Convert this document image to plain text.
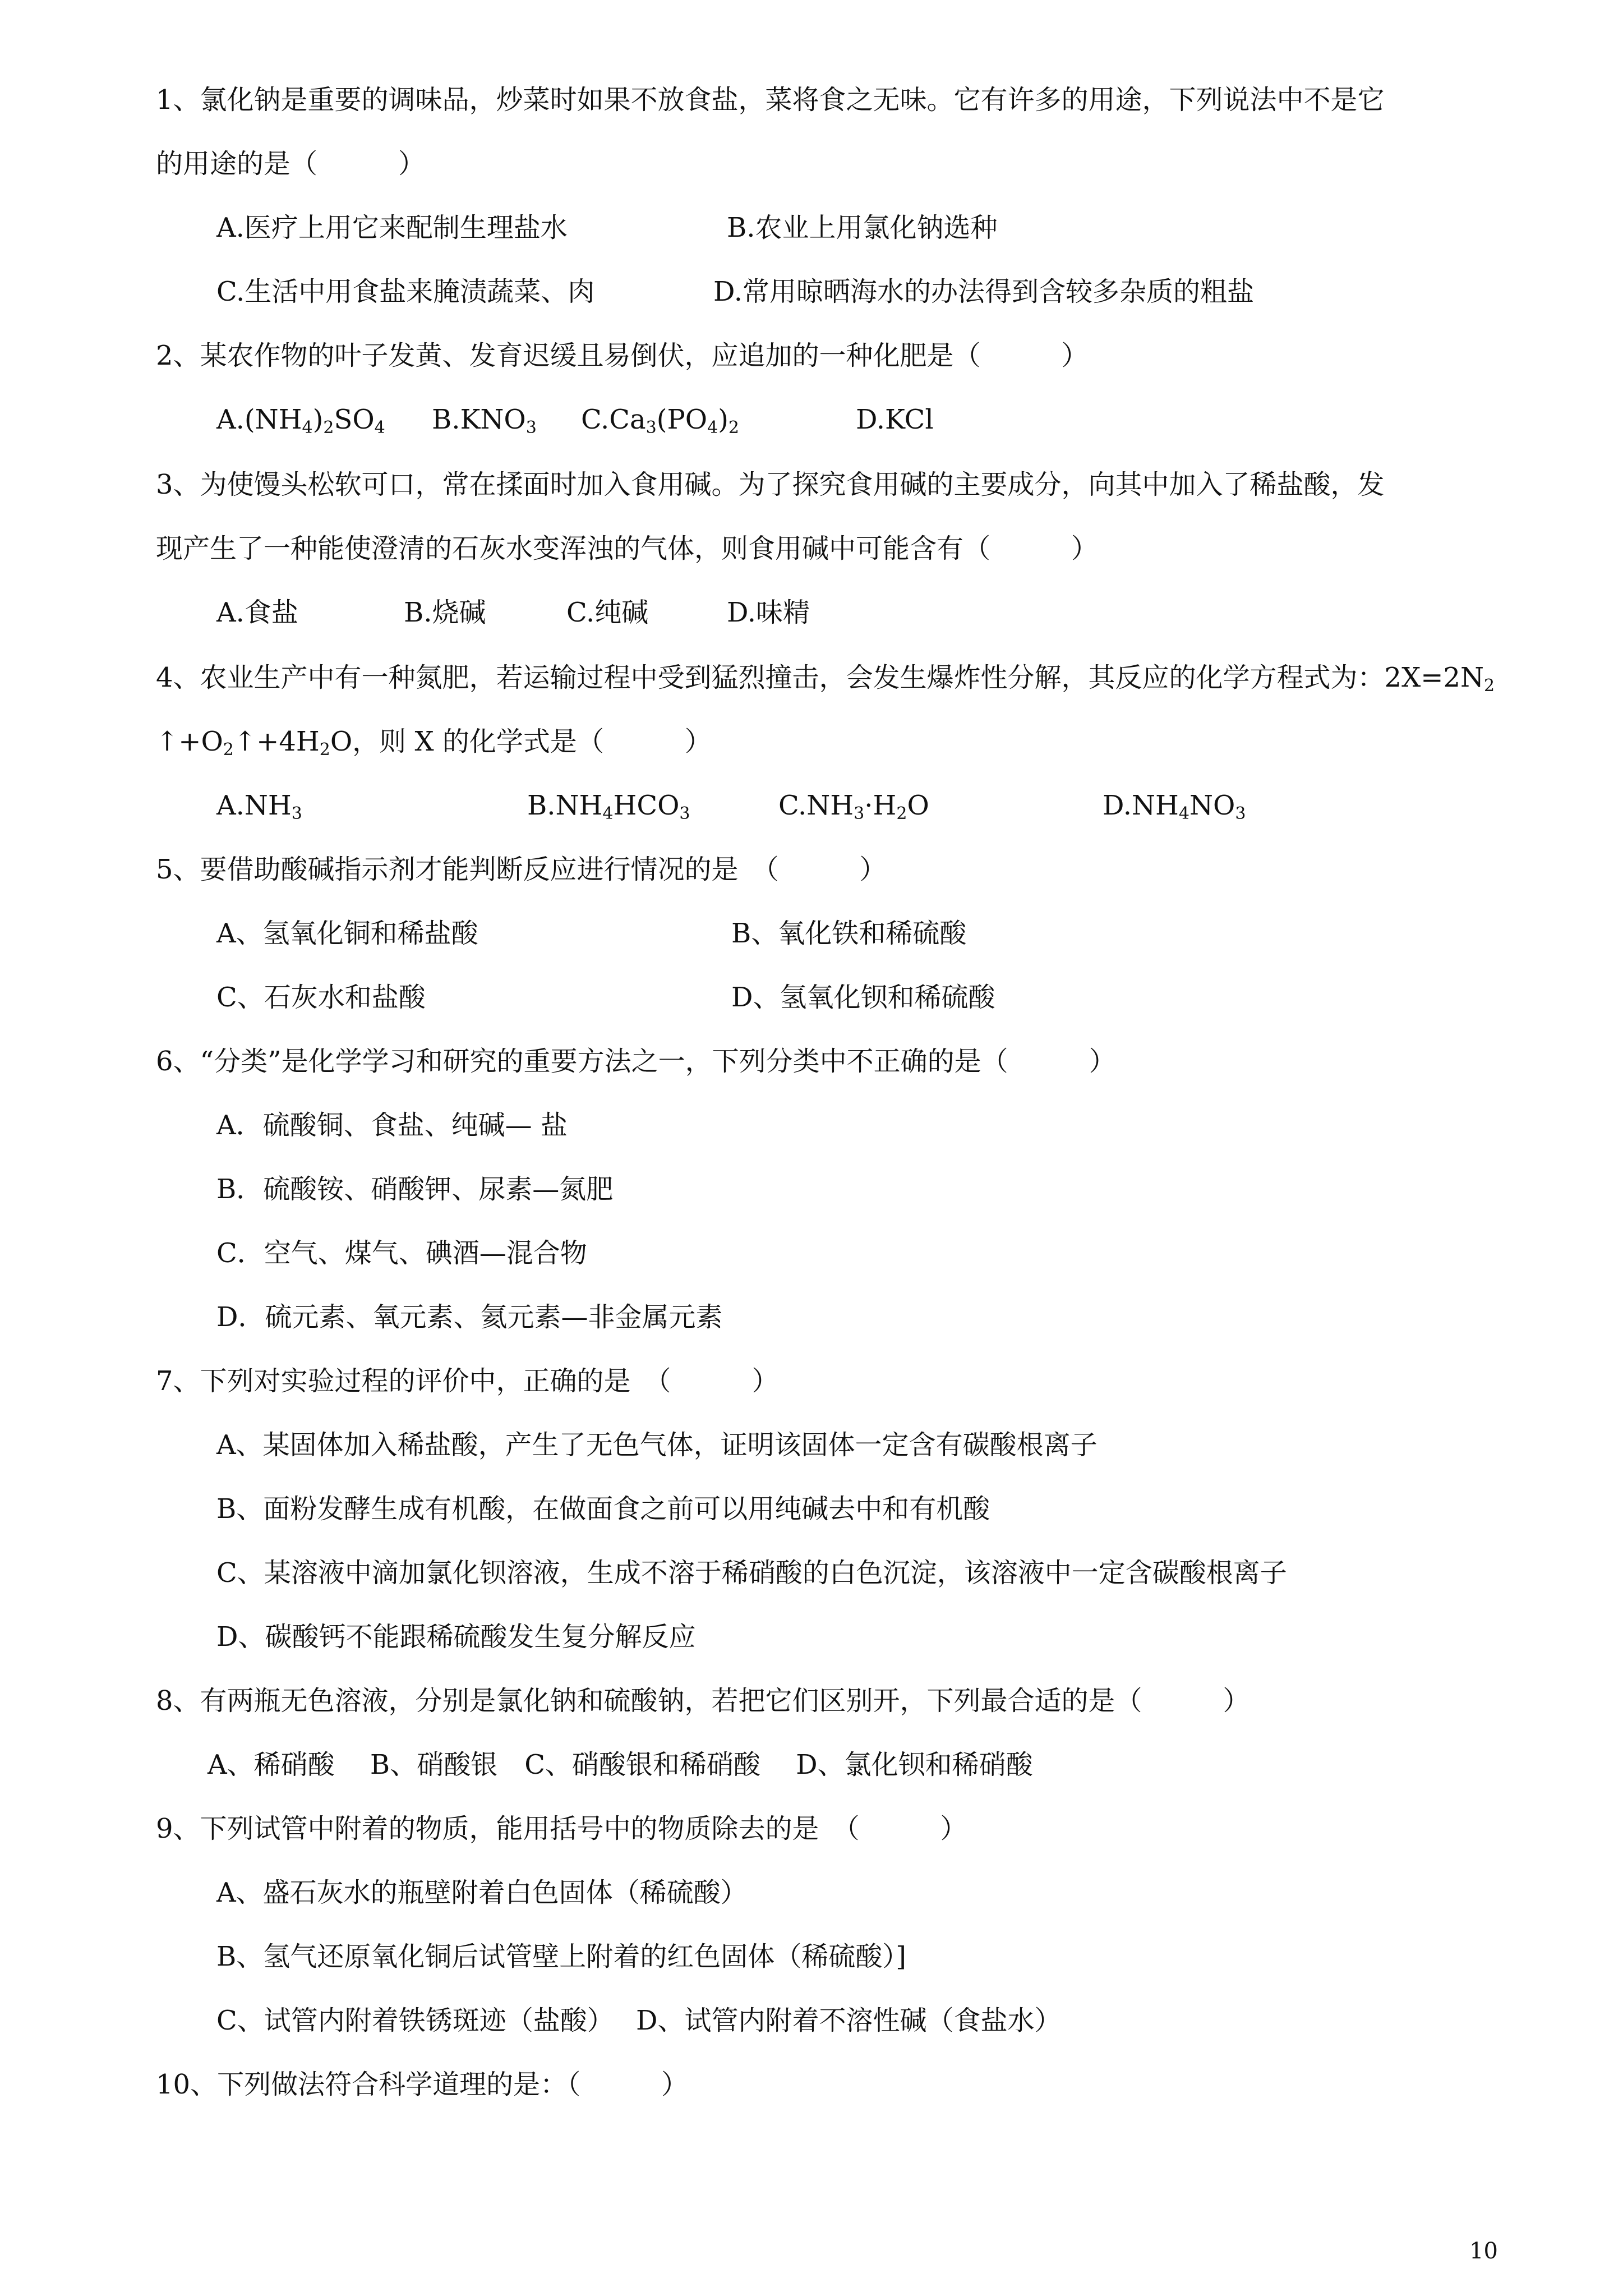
1、氯化钠是重要的调味品，炒菜时如果不放食盐，菜将食之无味。它有许多的用途，下列说法中不是它
的用途的是（　　　）
A.医疗上用它来配制生理盐水	B.农业上用氯化钠选种
C.生活中用食盐来腌渍蔬菜、肉	D.常用晾晒海水的办法得到含较多杂质的粗盐
2、某农作物的叶子发黄、发育迟缓且易倒伏，应追加的一种化肥是（　　　）
$A.(NH_4)_2SO_4$ $B.KNO_3$ $C.Ca_3(PO_4)_2$	D.KCl
3、为使馒头松软可口，常在揉面时加入食用碱。为了探究食用碱的主要成分，向其中加入了稀盐酸，发
现产生了一种能使澄清的石灰水变浑浊的气体，则食用碱中可能含有（　　　）
A.食盐	B.烧碱	C.纯碱	D.味精
4、农业生产中有一种氮肥，若运输过程中受到猛烈撞击，会发生爆炸性分解，其反应的化学方程式为：$2X=2N_2$
$↑+O_2↑+4H_2O$，则 X 的化学式是（　　　）
$A.NH_3$	$B.NH_4HCO_3$	$C.NH_3\cdot H_2O$	$D.NH_4NO_3$
5、要借助酸碱指示剂才能判断反应进行情况的是　（　　　）
A、氢氧化铜和稀盐酸	B、氧化铁和稀硫酸
C、石灰水和盐酸	D、氢氧化钡和稀硫酸
6、“分类”是化学学习和研究的重要方法之一，下列分类中不正确的是（　　　）
A．硫酸铜、食盐、纯碱— 盐
B．硫酸铵、硝酸钾、尿素—氮肥
C．空气、煤气、碘酒—混合物
D．硫元素、氧元素、氦元素—非金属元素
7、下列对实验过程的评价中，正确的是　（　　　）
A、某固体加入稀盐酸，产生了无色气体，证明该固体一定含有碳酸根离子
B、面粉发酵生成有机酸，在做面食之前可以用纯碱去中和有机酸
C、某溶液中滴加氯化钡溶液，生成不溶于稀硝酸的白色沉淀，该溶液中一定含碳酸根离子
D、碳酸钙不能跟稀硫酸发生复分解反应
8、有两瓶无色溶液，分别是氯化钠和硫酸钠，若把它们区别开，下列最合适的是（　　　）
A、稀硝酸　 B、硝酸银　C、硝酸银和稀硝酸　 D、氯化钡和稀硝酸
9、下列试管中附着的物质，能用括号中的物质除去的是　（　　　）
A、盛石灰水的瓶壁附着白色固体（稀硫酸）
B、氢气还原氧化铜后试管壁上附着的红色固体（稀硫酸）]
C、试管内附着铁锈斑迹（盐酸）　 D、试管内附着不溶性碱（食盐水）
10、下列做法符合科学道理的是：（　　　）
10
